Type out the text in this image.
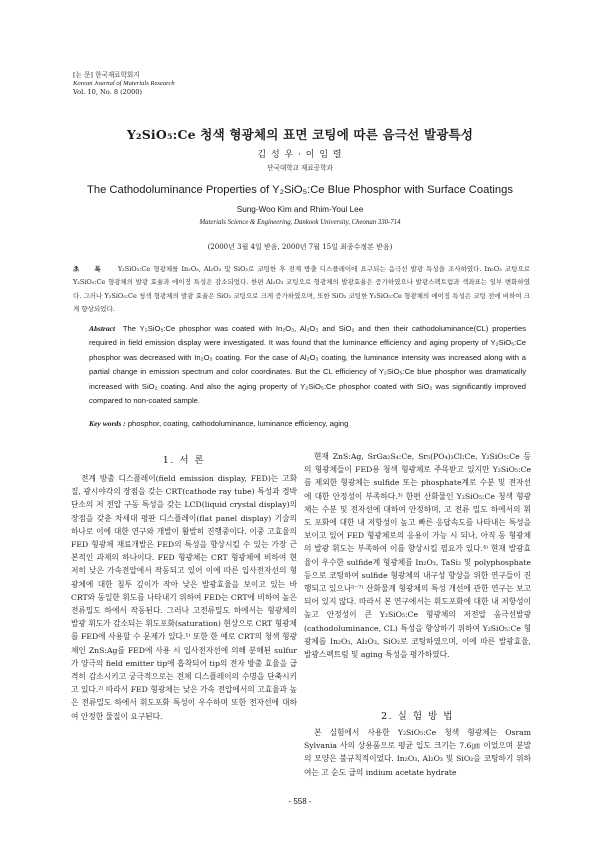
[논 문] 한국재료학회지
Korean Journal of Materials Research
Vol. 10, No. 8 (2000)
Y₂SiO₅:Ce 청색 형광체의 표면 코팅에 따른 음극선 발광특성
김 성 우 · 이 임 렬
단국대학교 재료공학과
The Cathodoluminance Properties of Y₂SiO₅:Ce Blue Phosphor with Surface Coatings
Sung-Woo Kim and Rhim-Youl Lee
Materials Science & Engineering, Dankook University, Cheonan 330-714
(2000년 3월 4일 받음, 2000년 7월 15일 최종수정본 받음)
초 록 Y₂SiO₅:Ce 형광체를 In₂O₃, Al₂O₃ 및 SiO₂로 코팅한 후 전계 방출 디스플레이에 요구되는 음극선 발광 특성을 조사하였다. In₂O₃ 코팅으로 Y₂SiO₅:Ce 형광체의 발광 효율과 에이징 특성은 감소되었다. 한편 Al₂O₃ 코팅으로 형광체의 발광효율은 증가하였으나 발광스펙트럼과 색좌표는 일부 변화하였다. 그러나 Y₂SiO₅:Ce 청색 형광체의 발광 효율은 SiO₂ 코팅으로 크게 증가하였으며, 또한 SiO₂ 코팅한 Y₂SiO₅:Ce 형광체의 에이징 특성은 코팅 전에 비하여 크게 향상되었다.
Abstract The Y₂SiO₅:Ce phosphor was coated with In₂O₃, Al₂O₃ and SiO₂ and then their cathodoluminance(CL) properties required in field emission display were investigated. It was found that the luminance efficiency and aging property of Y₂SiO₅:Ce phosphor was decreased with In₂O₃ coating. For the case of Al₂O₃ coating, the luminance intensity was increased along with a partial change in emission spectrum and color coordinates. But the CL efficiency of Y₂SiO₅:Ce blue phosphor was dramatically increased with SiO₂ coating. And also the aging property of Y₂SiO₅:Ce phosphor coated with SiO₂ was significantly improved compared to non-coated sample.
Key words : phosphor, coating, cathodoluminance, luminance efficiency, aging
1. 서 론

전계 방출 디스플레이(field emission display, FED)는 고화질, 광시야각의 장점을 갖는 CRT(cathode ray tube) 특성과 경박단소의 저 전압 구동 특성을 갖는 LCD(liquid crystal display)의 장점을 갖춘 차세대 평판 디스플레이(flat panel display) 기술의 하나로 이에 대한 연구와 개발이 활발히 진행중이다. 이중 고효율의 FED 형광체 재료개발은 FED의 특성을 향상시킬 수 있는 가장 근본적인 과제의 하나이다. FED 형광체는 CRT 형광체에 비하여 현저히 낮은 가속전압에서 작동되고 있어 이에 따른 입사전자선의 형광체에 대한 침투 깊이가 작아 낮은 발광효율을 보이고 있는 바 CRT와 동일한 휘도를 나타내기 위하여 FED는 CRT에 비하여 높은 전류밀도 하에서 작동된다. 그러나 고전류밀도 하에서는 형광체의 발광 휘도가 감소되는 휘도포화(saturation) 현상으로 CRT 형광체를 FED에 사용할 수 문제가 있다.¹⁾ 또한 한 예로 CRT의 청색 형광체인 ZnS:Ag를 FED에 사용 시 입사전자선에 의해 분해된 sulfur가 양극의 field emitter tip에 흡착되어 tip의 전자 방출 효율을 급격히 감소시키고 궁극적으로는 전체 디스플레이의 수명을 단축시키고 있다.²⁾ 따라서 FED 형광체는 낮은 가속 전압에서의 고효율과 높은 전류밀도 하에서 휘도포화 특성이 우수하며 또한 전자선에 대하여 안정한 물질이 요구된다.

현재 ZnS:Ag, SrGa₂S₄:Ce, Sr₅(PO₄)₃Cl:Ce, Y₂SiO₅:Ce 등의 형광체들이 FED용 청색 형광체로 주목받고 있지만 Y₂SiO₅:Ce를 제외한 형광체는 sulfide 또는 phosphate계로 수분 및 전자선에 대한 안정성이 부족하다.³⁾ 한편 산화물인 Y₂SiO₅:Ce 청색 형광체는 수분 및 전자선에 대하여 안정하며, 고 전류 밀도 하에서의 휘도 포화에 대한 내 저항성이 높고 빠른 응답속도를 나타내는 특성을 보이고 있어 FED 형광체로의 응용이 가능 시 되나, 아직 동 형광체의 발광 휘도는 부족하여 이를 향상시킬 필요가 있다.⁴⁾ 현재 발광효율이 우수한 sulfide계 형광체를 In₂O₃, TaSi₂ 및 polyphosphate 등으로 코팅하여 sulfide 형광체의 내구성 향상을 위한 연구들이 진행되고 있으나⁵⁻⁷⁾ 산화물계 형광체의 특성 개선에 관한 연구는 보고되어 있지 않다. 따라서 본 연구에서는 휘도포화에 대한 내 저항성이 높고 안정성이 큰 Y₂SiO₅:Ce 형광체의 저전압 음극선발광(cathodoluminance, CL) 특성을 향상하기 위하여 Y₂SiO₅:Ce 형광체를 In₂O₃, Al₂O₃, SiO₂로 코팅하였으며, 이에 따른 발광효율, 발광스펙트럼 및 aging 특성을 평가하였다.

2. 실 험 방 법

본 실험에서 사용한 Y₂SiO₅:Ce 청색 형광체는 Osram Sylvania 사의 상용품으로 평균 입도 크기는 7.6㎛ 이었으며 분말의 모양은 불규칙적이었다. In₂O₃, Al₂O₃ 및 SiO₂을 코팅하기 위하여는 고 순도 급의 indium acetate hydrate

- 558 -
